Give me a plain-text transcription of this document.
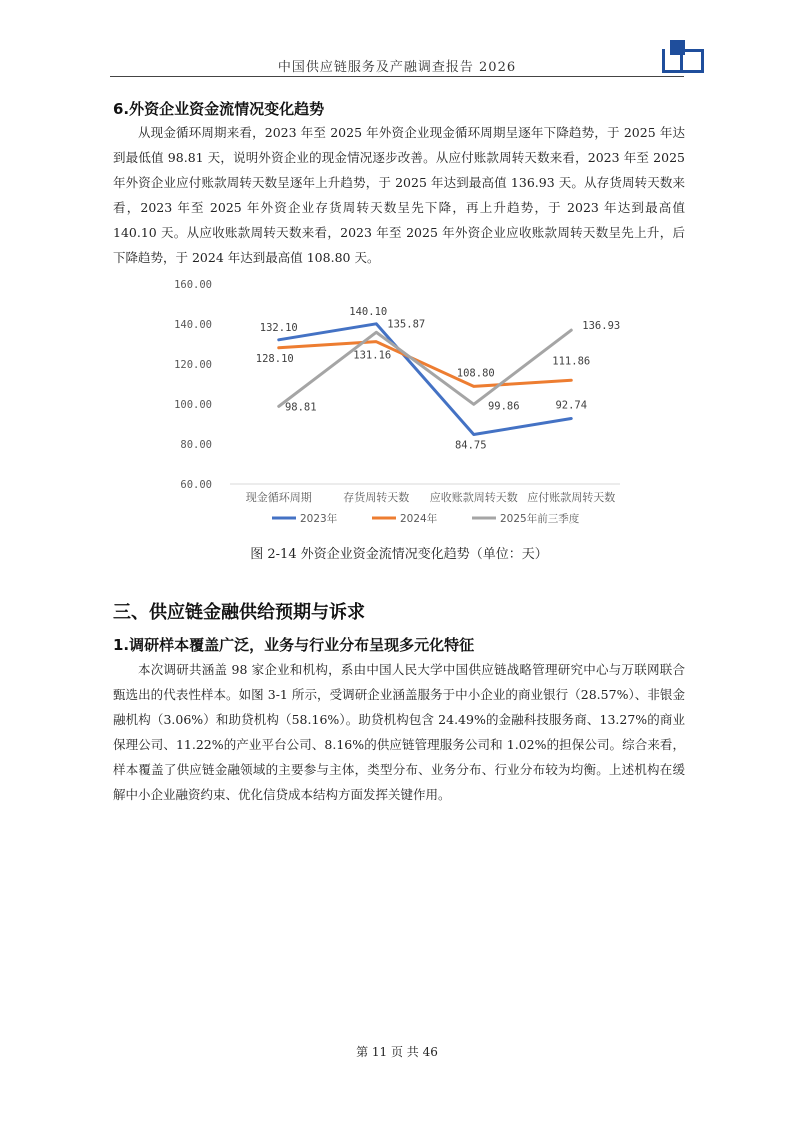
中国供应链服务及产融调查报告 2026
6.外资企业资金流情况变化趋势
从现金循环周期来看，2023 年至 2025 年外资企业现金循环周期呈逐年下降趋势，于 2025 年达到最低值 98.81 天，说明外资企业的现金情况逐步改善。从应付账款周转天数来看，2023 年至 2025 年外资企业应付账款周转天数呈逐年上升趋势，于 2025 年达到最高值 136.93 天。从存货周转天数来看，2023 年至 2025 年外资企业存货周转天数呈先下降，再上升趋势，于 2023 年达到最高值 140.10 天。从应收账款周转天数来看，2023 年至 2025 年外资企业应收账款周转天数呈先上升，后下降趋势，于 2024 年达到最高值 108.80 天。
60.00
80.00
100.00
120.00
140.00
160.00
现金循环周期	存货周转天数 应收账款周转天数 应付账款周转天数
132.10
140.10
84.75
92.74
128.10	131.16
108.80
111.86
98.81
135.87
99.86
136.93
2023年	2024年	2025年前三季度
图 2-14 外资企业资金流情况变化趋势（单位：天）
三、供应链金融供给预期与诉求
1.调研样本覆盖广泛，业务与行业分布呈现多元化特征
本次调研共涵盖 98 家企业和机构，系由中国人民大学中国供应链战略管理研究中心与万联网联合甄选出的代表性样本。如图 3-1 所示，受调研企业涵盖服务于中小企业的商业银行（28.57%）、非银金融机构（3.06%）和助贷机构（58.16%）。助贷机构包含 24.49%的金融科技服务商、13.27%的商业保理公司、11.22%的产业平台公司、8.16%的供应链管理服务公司和 1.02%的担保公司。综合来看，样本覆盖了供应链金融领域的主要参与主体，类型分布、业务分布、行业分布较为均衡。上述机构在缓解中小企业融资约束、优化信贷成本结构方面发挥关键作用。
第 11 页 共 46
